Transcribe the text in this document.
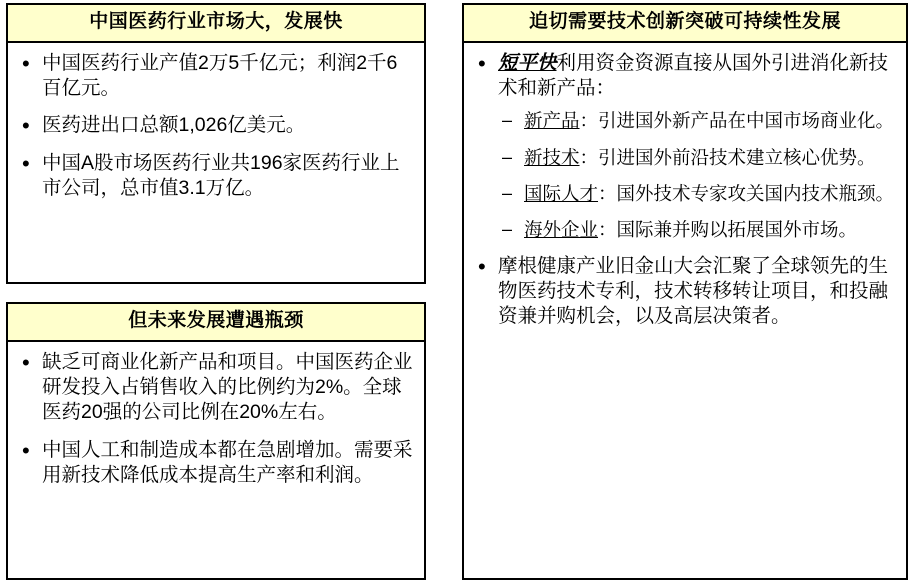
中国医药行业市场大，发展快
• 中国医药行业产值2万5千亿元；利润2千6百亿元。
• 医药进出口总额1,026亿美元。
• 中国A股市场医药行业共196家医药行业上市公司，总市值3.1万亿。
但未来发展遭遇瓶颈
• 缺乏可商业化新产品和项目。中国医药企业研发投入占销售收入的比例约为2%。全球医药20强的公司比例在20%左右。
• 中国人工和制造成本都在急剧增加。需要采用新技术降低成本提高生产率和利润。
迫切需要技术创新突破可持续性发展
• 短平快利用资金资源直接从国外引进消化新技术和新产品：
– 新产品：引进国外新产品在中国市场商业化。
– 新技术：引进国外前沿技术建立核心优势。
– 国际人才：国外技术专家攻关国内技术瓶颈。
– 海外企业：国际兼并购以拓展国外市场。
• 摩根健康产业旧金山大会汇聚了全球领先的生物医药技术专利，技术转移转让项目，和投融资兼并购机会，以及高层决策者。
